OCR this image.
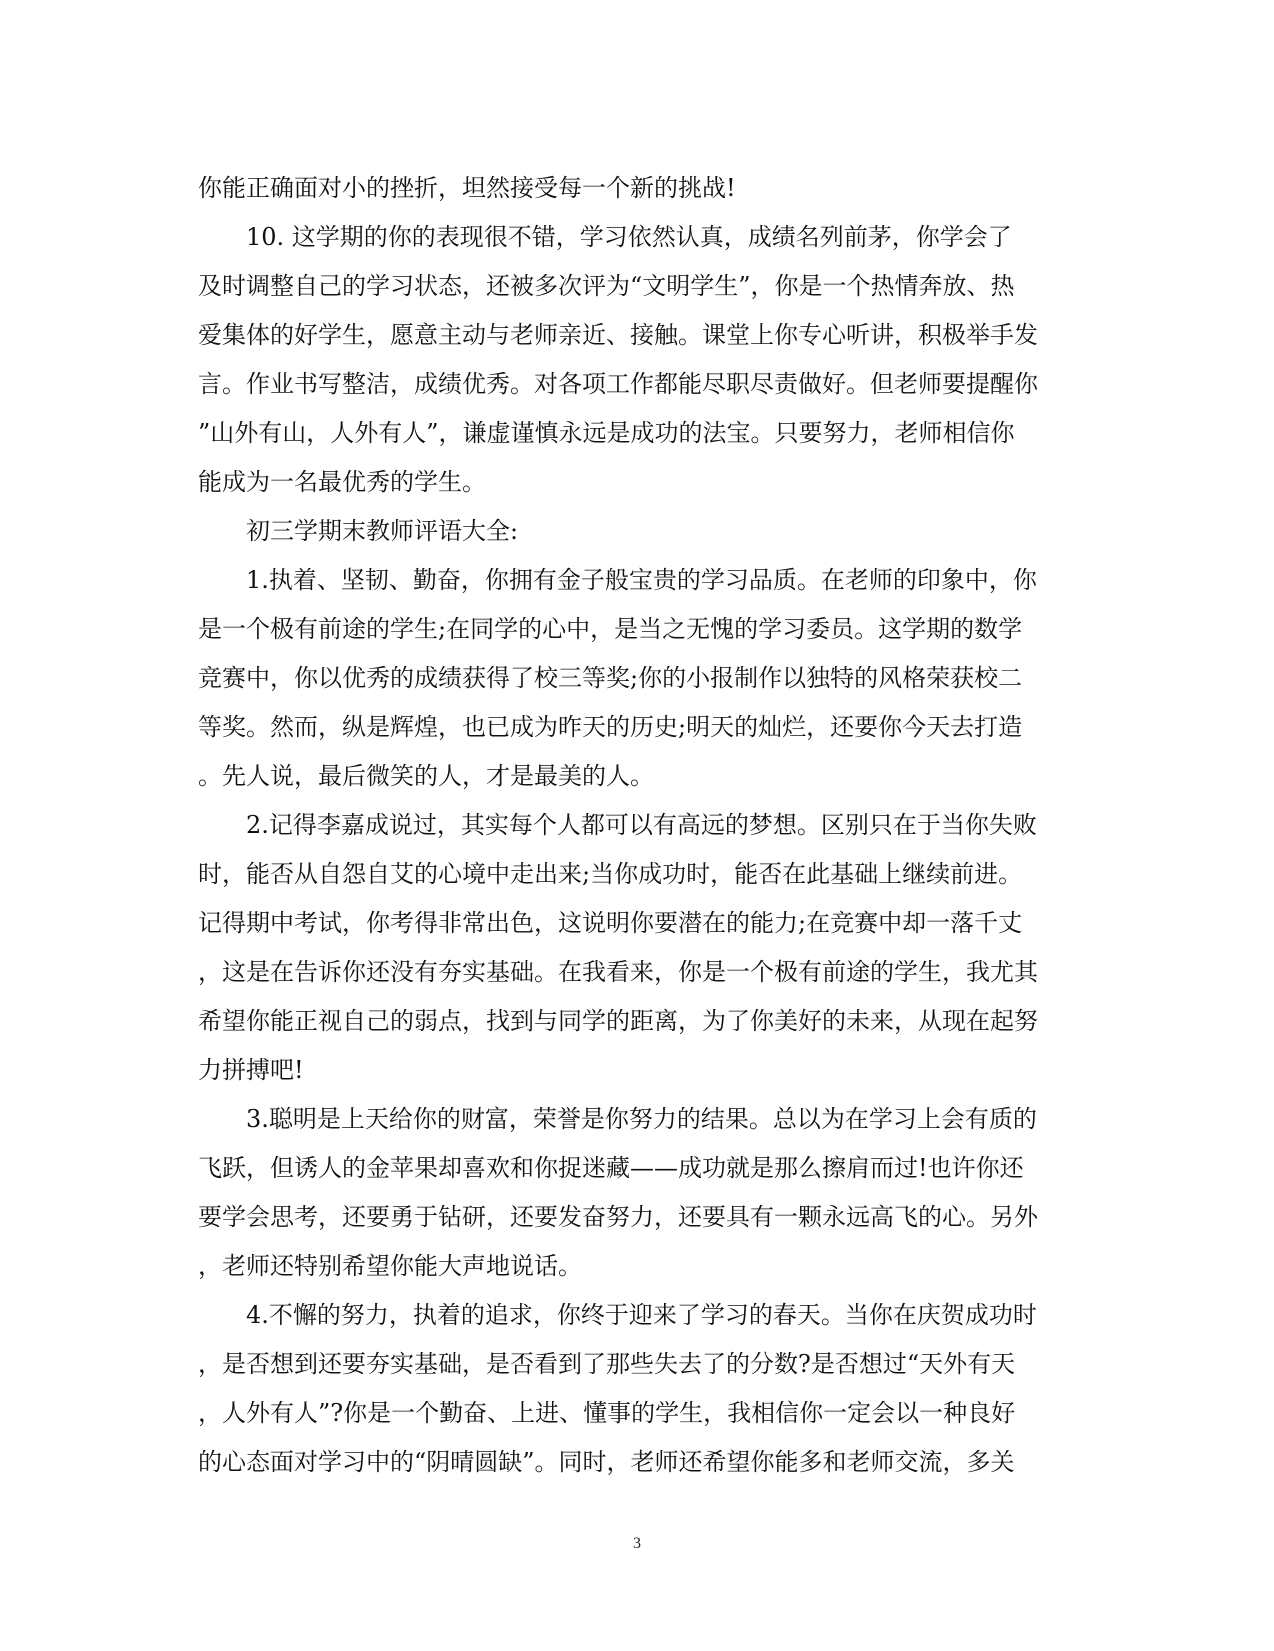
你能正确面对小的挫折，坦然接受每一个新的挑战!
10. 这学期的你的表现很不错，学习依然认真，成绩名列前茅，你学会了
及时调整自己的学习状态，还被多次评为“文明学生”，你是一个热情奔放、热
爱集体的好学生，愿意主动与老师亲近、接触。课堂上你专心听讲，积极举手发
言。作业书写整洁，成绩优秀。对各项工作都能尽职尽责做好。但老师要提醒你
”山外有山，人外有人”，谦虚谨慎永远是成功的法宝。只要努力，老师相信你
能成为一名最优秀的学生。
初三学期末教师评语大全:
1.执着、坚韧、勤奋，你拥有金子般宝贵的学习品质。在老师的印象中，你
是一个极有前途的学生;在同学的心中，是当之无愧的学习委员。这学期的数学
竞赛中，你以优秀的成绩获得了校三等奖;你的小报制作以独特的风格荣获校二
等奖。然而，纵是辉煌，也已成为昨天的历史;明天的灿烂，还要你今天去打造
。先人说，最后微笑的人，才是最美的人。
2.记得李嘉成说过，其实每个人都可以有高远的梦想。区别只在于当你失败
时，能否从自怨自艾的心境中走出来;当你成功时，能否在此基础上继续前进。
记得期中考试，你考得非常出色，这说明你要潜在的能力;在竞赛中却一落千丈
，这是在告诉你还没有夯实基础。在我看来，你是一个极有前途的学生，我尤其
希望你能正视自己的弱点，找到与同学的距离，为了你美好的未来，从现在起努
力拼搏吧!
3.聪明是上天给你的财富，荣誉是你努力的结果。总以为在学习上会有质的
飞跃，但诱人的金苹果却喜欢和你捉迷藏——成功就是那么擦肩而过!也许你还
要学会思考，还要勇于钻研，还要发奋努力，还要具有一颗永远高飞的心。另外
，老师还特别希望你能大声地说话。
4.不懈的努力，执着的追求，你终于迎来了学习的春天。当你在庆贺成功时
，是否想到还要夯实基础，是否看到了那些失去了的分数?是否想过“天外有天
，人外有人”?你是一个勤奋、上进、懂事的学生，我相信你一定会以一种良好
的心态面对学习中的“阴晴圆缺”。同时，老师还希望你能多和老师交流，多关
3
